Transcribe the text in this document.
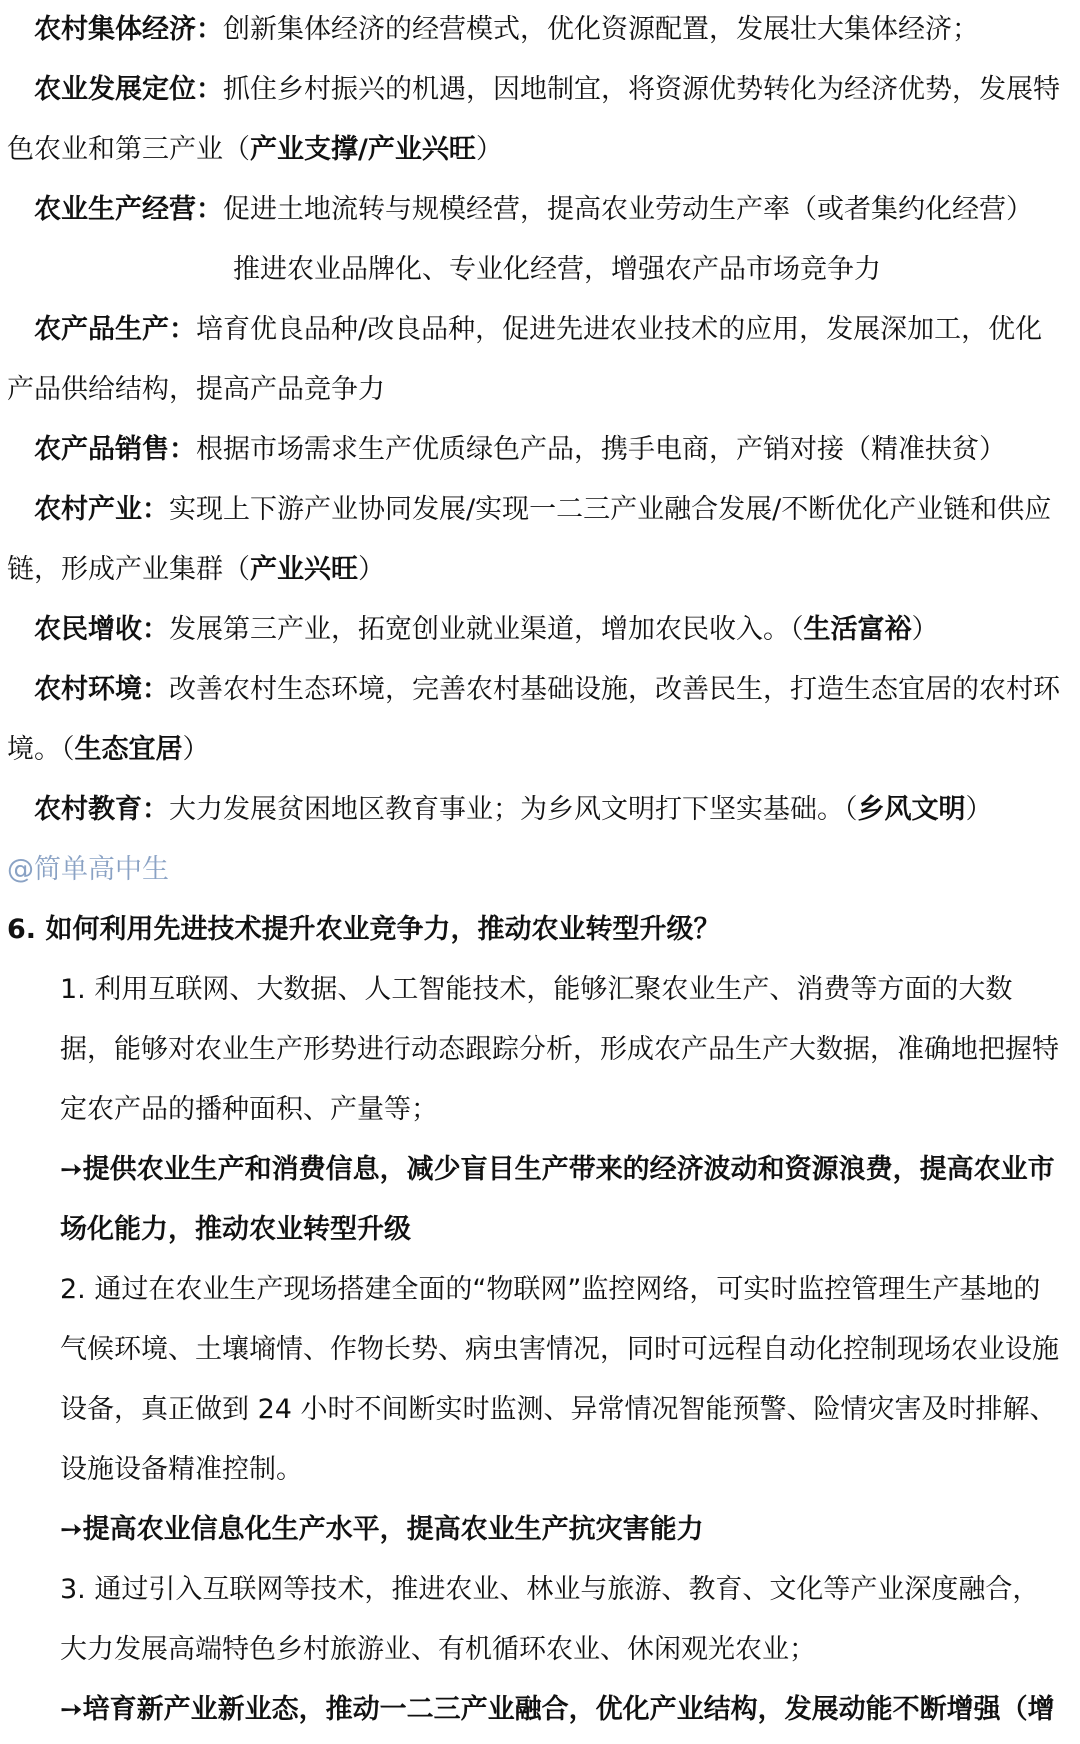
农村集体经济：创新集体经济的经营模式，优化资源配置，发展壮大集体经济；

农业发展定位：抓住乡村振兴的机遇，因地制宜，将资源优势转化为经济优势，发展特色农业和第三产业（产业支撑/产业兴旺）

农业生产经营：促进土地流转与规模经营，提高农业劳动生产率（或者集约化经营）

推进农业品牌化、专业化经营，增强农产品市场竞争力

农产品生产：培育优良品种/改良品种，促进先进农业技术的应用，发展深加工，优化产品供给结构，提高产品竞争力

农产品销售：根据市场需求生产优质绿色产品，携手电商，产销对接（精准扶贫）

农村产业：实现上下游产业协同发展/实现一二三产业融合发展/不断优化产业链和供应链，形成产业集群（产业兴旺）

农民增收：发展第三产业，拓宽创业就业渠道，增加农民收入。（生活富裕）

农村环境：改善农村生态环境，完善农村基础设施，改善民生，打造生态宜居的农村环境。（生态宜居）

农村教育：大力发展贫困地区教育事业；为乡风文明打下坚实基础。（乡风文明）

@简单高中生

6. 如何利用先进技术提升农业竞争力，推动农业转型升级？

1. 利用互联网、大数据、人工智能技术，能够汇聚农业生产、消费等方面的大数据，能够对农业生产形势进行动态跟踪分析，形成农产品生产大数据，准确地把握特定农产品的播种面积、产量等；

➙提供农业生产和消费信息，减少盲目生产带来的经济波动和资源浪费，提高农业市场化能力，推动农业转型升级

2. 通过在农业生产现场搭建全面的“物联网”监控网络，可实时监控管理生产基地的气候环境、土壤墒情、作物长势、病虫害情况，同时可远程自动化控制现场农业设施设备，真正做到 24 小时不间断实时监测、异常情况智能预警、险情灾害及时排解、设施设备精准控制。

➙提高农业信息化生产水平，提高农业生产抗灾害能力

3. 通过引入互联网等技术，推进农业、林业与旅游、教育、文化等产业深度融合，大力发展高端特色乡村旅游业、有机循环农业、休闲观光农业；

➙培育新产业新业态，推动一二三产业融合，优化产业结构，发展动能不断增强（增
